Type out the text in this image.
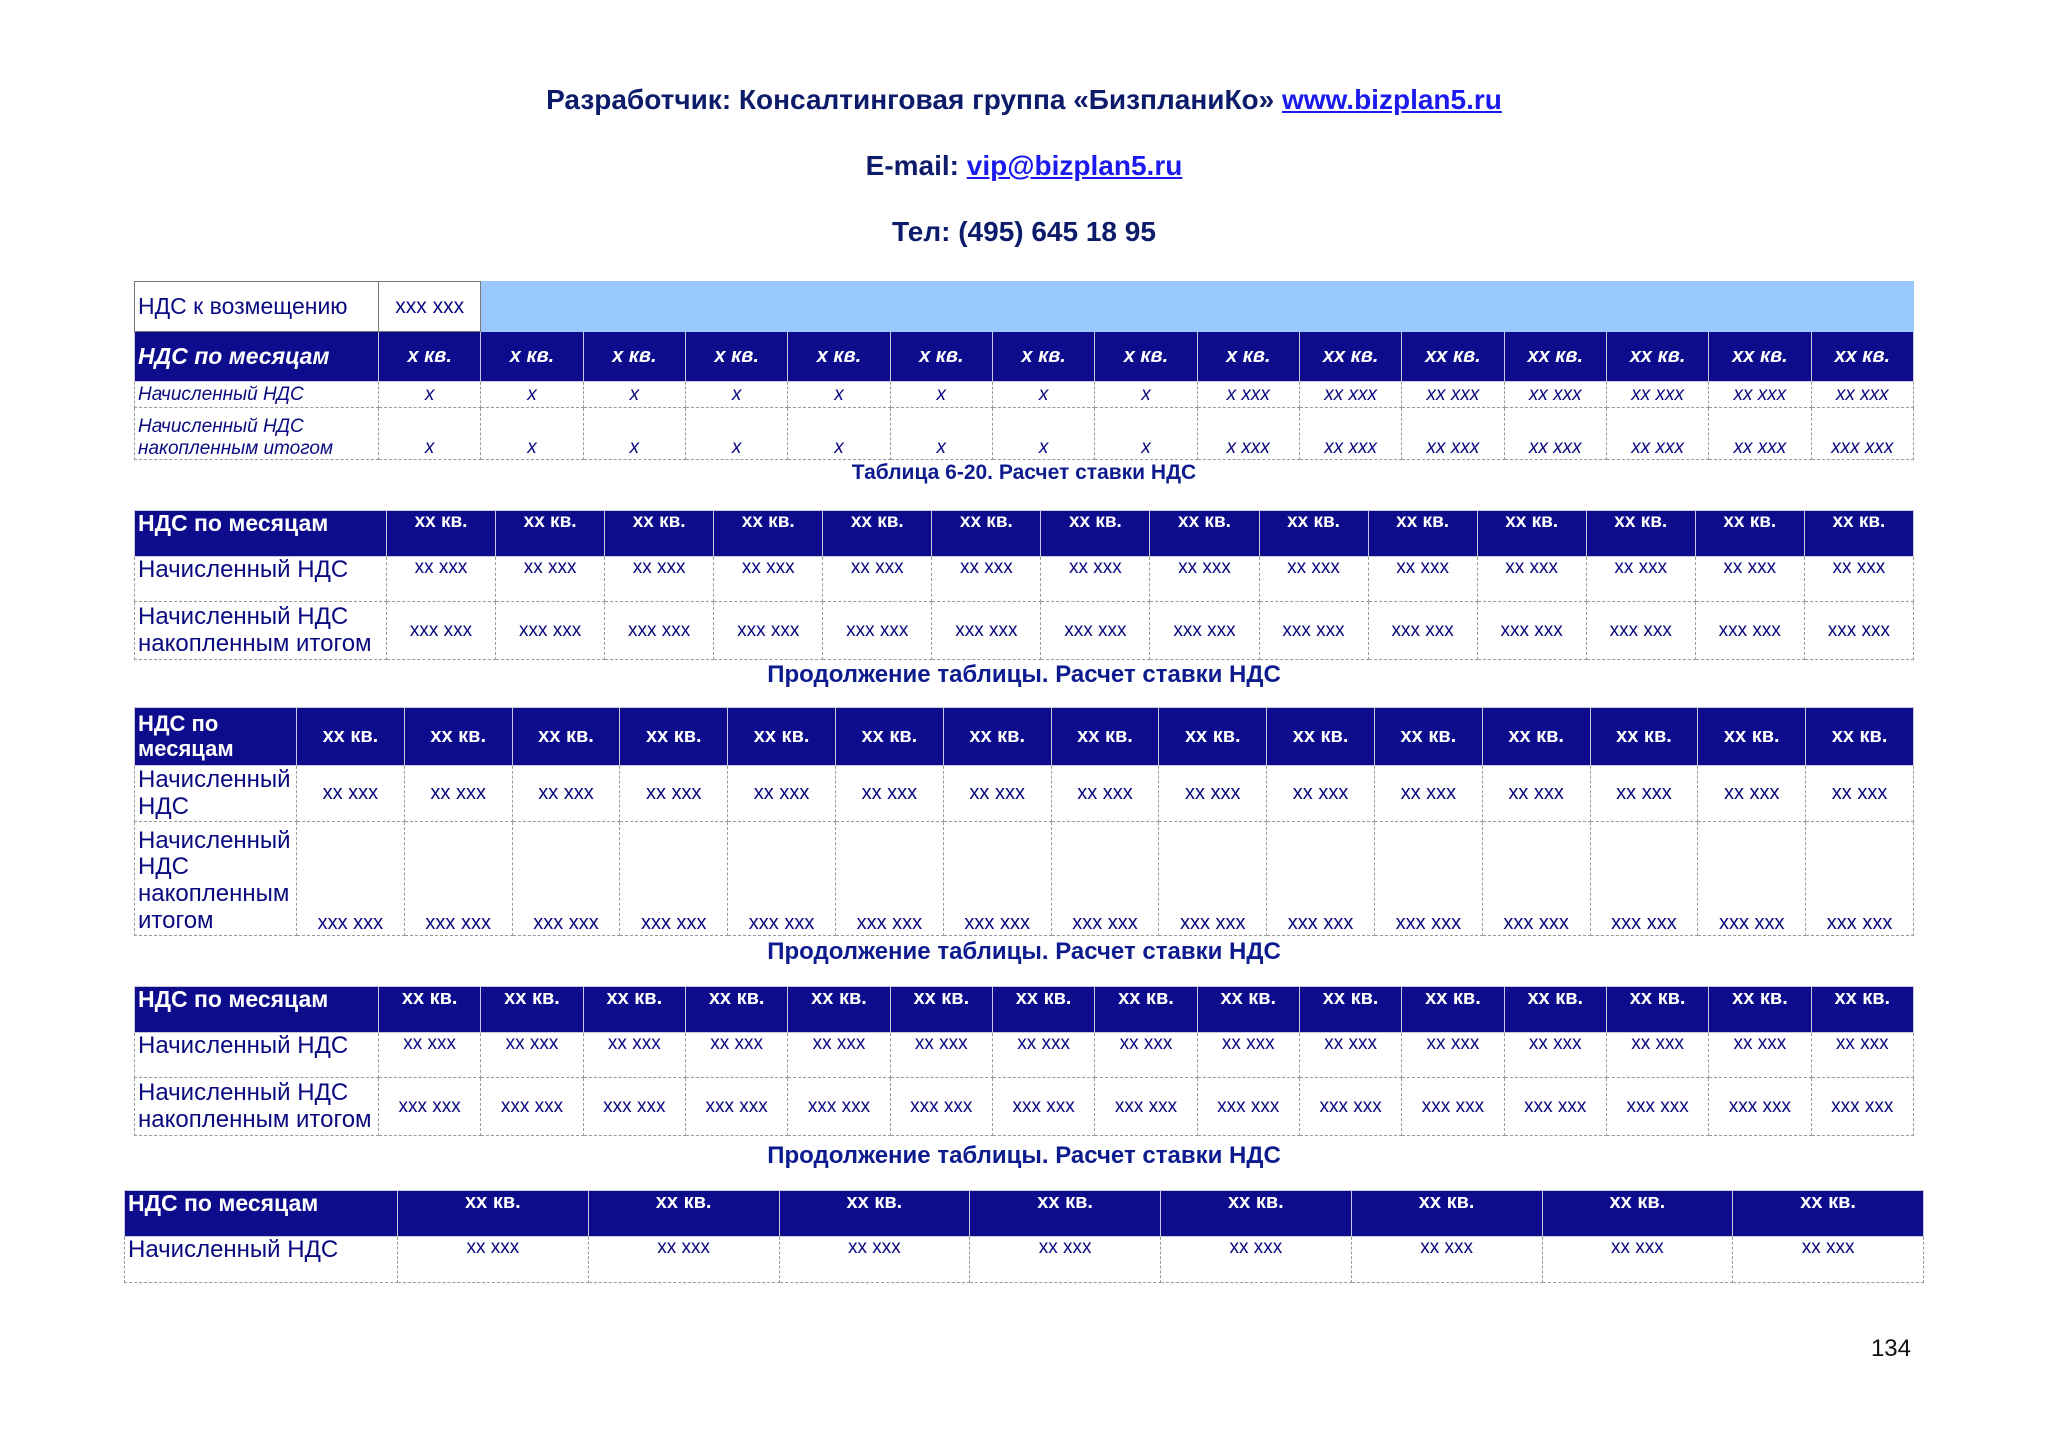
Разработчик: Консалтинговая группа «БизпланиКо» www.bizplan5.ru
E-mail: vip@bizplan5.ru
Тел: (495) 645 18 95
НДС к возмещению	xxx xxx														
НДС по месяцам	x кв.	x кв.	x кв.	x кв.	x кв.	x кв.	x кв.	x кв.	x кв.	xx кв.	xx кв.	xx кв.	xx кв.	xx кв.	xx кв.
Начисленный НДС	x	x	x	x	x	x	x	x	x xxx	xx xxx	xx xxx	xx xxx	xx xxx	xx xxx	xx xxx
Начисленный НДС накопленным итогом	x	x	x	x	x	x	x	x	x xxx	xx xxx	xx xxx	xx xxx	xx xxx	xx xxx	xxx xxx
Таблица 6-20. Расчет ставки НДС
НДС по месяцам	xx кв.	xx кв.	xx кв.	xx кв.	xx кв.	xx кв.	xx кв.	xx кв.	xx кв.	xx кв.	xx кв.	xx кв.	xx кв.	xx кв.
Начисленный НДС	xx xxx	xx xxx	xx xxx	xx xxx	xx xxx	xx xxx	xx xxx	xx xxx	xx xxx	xx xxx	xx xxx	xx xxx	xx xxx	xx xxx
Начисленный НДС накопленным итогом	xxx xxx	xxx xxx	xxx xxx	xxx xxx	xxx xxx	xxx xxx	xxx xxx	xxx xxx	xxx xxx	xxx xxx	xxx xxx	xxx xxx	xxx xxx	xxx xxx
Продолжение таблицы. Расчет ставки НДС
НДС по месяцам	xx кв.	xx кв.	xx кв.	xx кв.	xx кв.	xx кв.	xx кв.	xx кв.	xx кв.	xx кв.	xx кв.	xx кв.	xx кв.	xx кв.	xx кв.
Начисленный НДС	xx xxx	xx xxx	xx xxx	xx xxx	xx xxx	xx xxx	xx xxx	xx xxx	xx xxx	xx xxx	xx xxx	xx xxx	xx xxx	xx xxx	xx xxx
Начисленный НДС накопленным итогом	xxx xxx	xxx xxx	xxx xxx	xxx xxx	xxx xxx	xxx xxx	xxx xxx	xxx xxx	xxx xxx	xxx xxx	xxx xxx	xxx xxx	xxx xxx	xxx xxx	xxx xxx
Продолжение таблицы. Расчет ставки НДС
НДС по месяцам	xx кв.	xx кв.	xx кв.	xx кв.	xx кв.	xx кв.	xx кв.	xx кв.	xx кв.	xx кв.	xx кв.	xx кв.	xx кв.	xx кв.	xx кв.
Начисленный НДС	xx xxx	xx xxx	xx xxx	xx xxx	xx xxx	xx xxx	xx xxx	xx xxx	xx xxx	xx xxx	xx xxx	xx xxx	xx xxx	xx xxx	xx xxx
Начисленный НДС накопленным итогом	xxx xxx	xxx xxx	xxx xxx	xxx xxx	xxx xxx	xxx xxx	xxx xxx	xxx xxx	xxx xxx	xxx xxx	xxx xxx	xxx xxx	xxx xxx	xxx xxx	xxx xxx
Продолжение таблицы. Расчет ставки НДС
НДС по месяцам	xx кв.	xx кв.	xx кв.	xx кв.	xx кв.	xx кв.	xx кв.	xx кв.
Начисленный НДС	xx xxx	xx xxx	xx xxx	xx xxx	xx xxx	xx xxx	xx xxx	xx xxx
134
